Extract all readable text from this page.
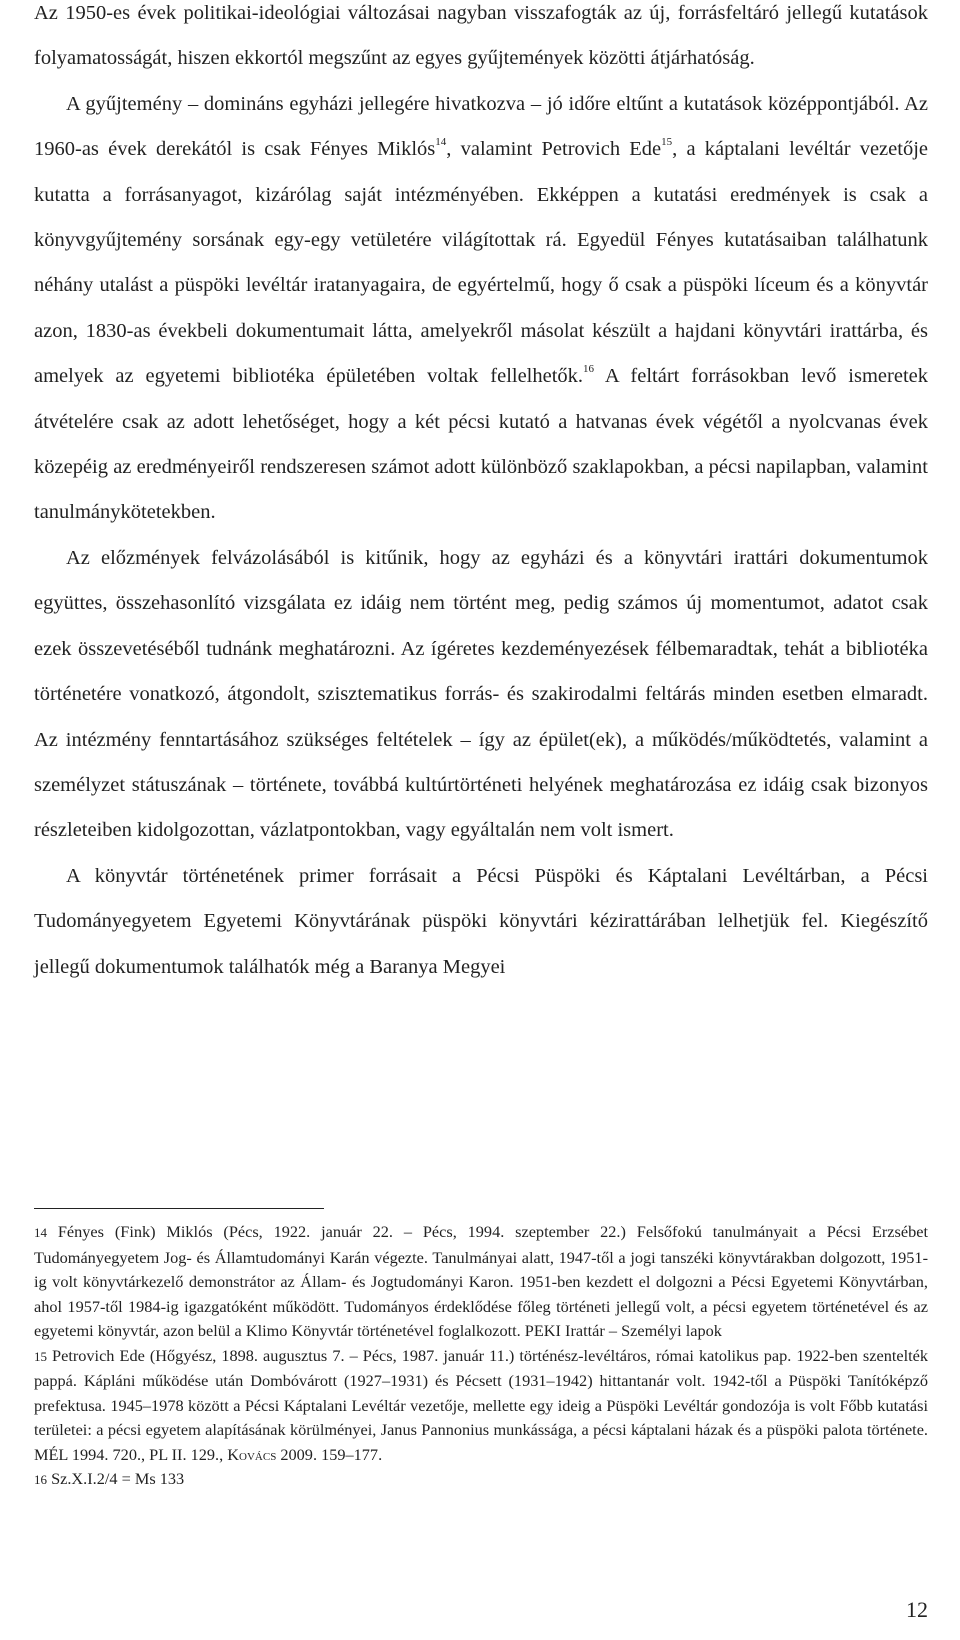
Az 1950-es évek politikai-ideológiai változásai nagyban visszafogták az új, forrásfeltáró jellegű kutatások folyamatosságát, hiszen ekkortól megszűnt az egyes gyűjtemények közötti átjárhatóság.

A gyűjtemény – domináns egyházi jellegére hivatkozva – jó időre eltűnt a kutatások középpontjából. Az 1960-as évek derekától is csak Fényes Miklós$^{14}$, valamint Petrovich Ede$^{15}$, a káptalani levéltár vezetője kutatta a forrásanyagot, kizárólag saját intézményében. Ekképpen a kutatási eredmények is csak a könyvgyűjtemény sorsának egy-egy vetületére világítottak rá. Egyedül Fényes kutatásaiban találhatunk néhány utalást a püspöki levéltár iratanyagaira, de egyértelmű, hogy ő csak a püspöki líceum és a könyvtár azon, 1830-as évekbeli dokumentumait látta, amelyekről másolat készült a hajdani könyvtári irattárba, és amelyek az egyetemi bibliotéka épületében voltak fellelhetők.$^{16}$ A feltárt forrásokban levő ismeretek átvételére csak az adott lehetőséget, hogy a két pécsi kutató a hatvanas évek végétől a nyolcvanas évek közepéig az eredményeiről rendszeresen számot adott különböző szaklapokban, a pécsi napilapban, valamint tanulmánykötetekben.

Az előzmények felvázolásából is kitűnik, hogy az egyházi és a könyvtári irattári dokumentumok együttes, összehasonlító vizsgálata ez idáig nem történt meg, pedig számos új momentumot, adatot csak ezek összevetéséből tudnánk meghatározni. Az ígéretes kezdeményezések félbemaradtak, tehát a bibliotéka történetére vonatkozó, átgondolt, szisztematikus forrás- és szakirodalmi feltárás minden esetben elmaradt. Az intézmény fenntartásához szükséges feltételek – így az épület(ek), a működés/működtetés, valamint a személyzet státuszának – története, továbbá kultúrtörténeti helyének meghatározása ez idáig csak bizonyos részleteiben kidolgozottan, vázlatpontokban, vagy egyáltalán nem volt ismert.

A könyvtár történetének primer forrásait a Pécsi Püspöki és Káptalani Levéltárban, a Pécsi Tudományegyetem Egyetemi Könyvtárának püspöki könyvtári kézirattárában lelhetjük fel. Kiegészítő jellegű dokumentumok találhatók még a Baranya Megyei

14 Fényes (Fink) Miklós (Pécs, 1922. január 22. – Pécs, 1994. szeptember 22.) Felsőfokú tanulmányait a Pécsi Erzsébet Tudományegyetem Jog- és Államtudományi Karán végezte. Tanulmányai alatt, 1947-től a jogi tanszéki könyvtárakban dolgozott, 1951-ig volt könyvtárkezelő demonstrátor az Állam- és Jogtudományi Karon. 1951-ben kezdett el dolgozni a Pécsi Egyetemi Könyvtárban, ahol 1957-től 1984-ig igazgatóként működött. Tudományos érdeklődése főleg történeti jellegű volt, a pécsi egyetem történetével és az egyetemi könyvtár, azon belül a Klimo Könyvtár történetével foglalkozott. PEKI Irattár – Személyi lapok

15 Petrovich Ede (Hőgyész, 1898. augusztus 7. – Pécs, 1987. január 11.) történész-levéltáros, római katolikus pap. 1922-ben szentelték pappá. Kápláni működése után Dombóvárott (1927–1931) és Pécsett (1931–1942) hittantanár volt. 1942-től a Püspöki Tanítóképző prefektusa. 1945–1978 között a Pécsi Káptalani Levéltár vezetője, mellette egy ideig a Püspöki Levéltár gondozója is volt Főbb kutatási területei: a pécsi egyetem alapításának körülményei, Janus Pannonius munkássága, a pécsi káptalani házak és a püspöki palota története. MÉL 1994. 720., PL II. 129., Kovács 2009. 159–177.

16 Sz.X.I.2/4 = Ms 133

12
